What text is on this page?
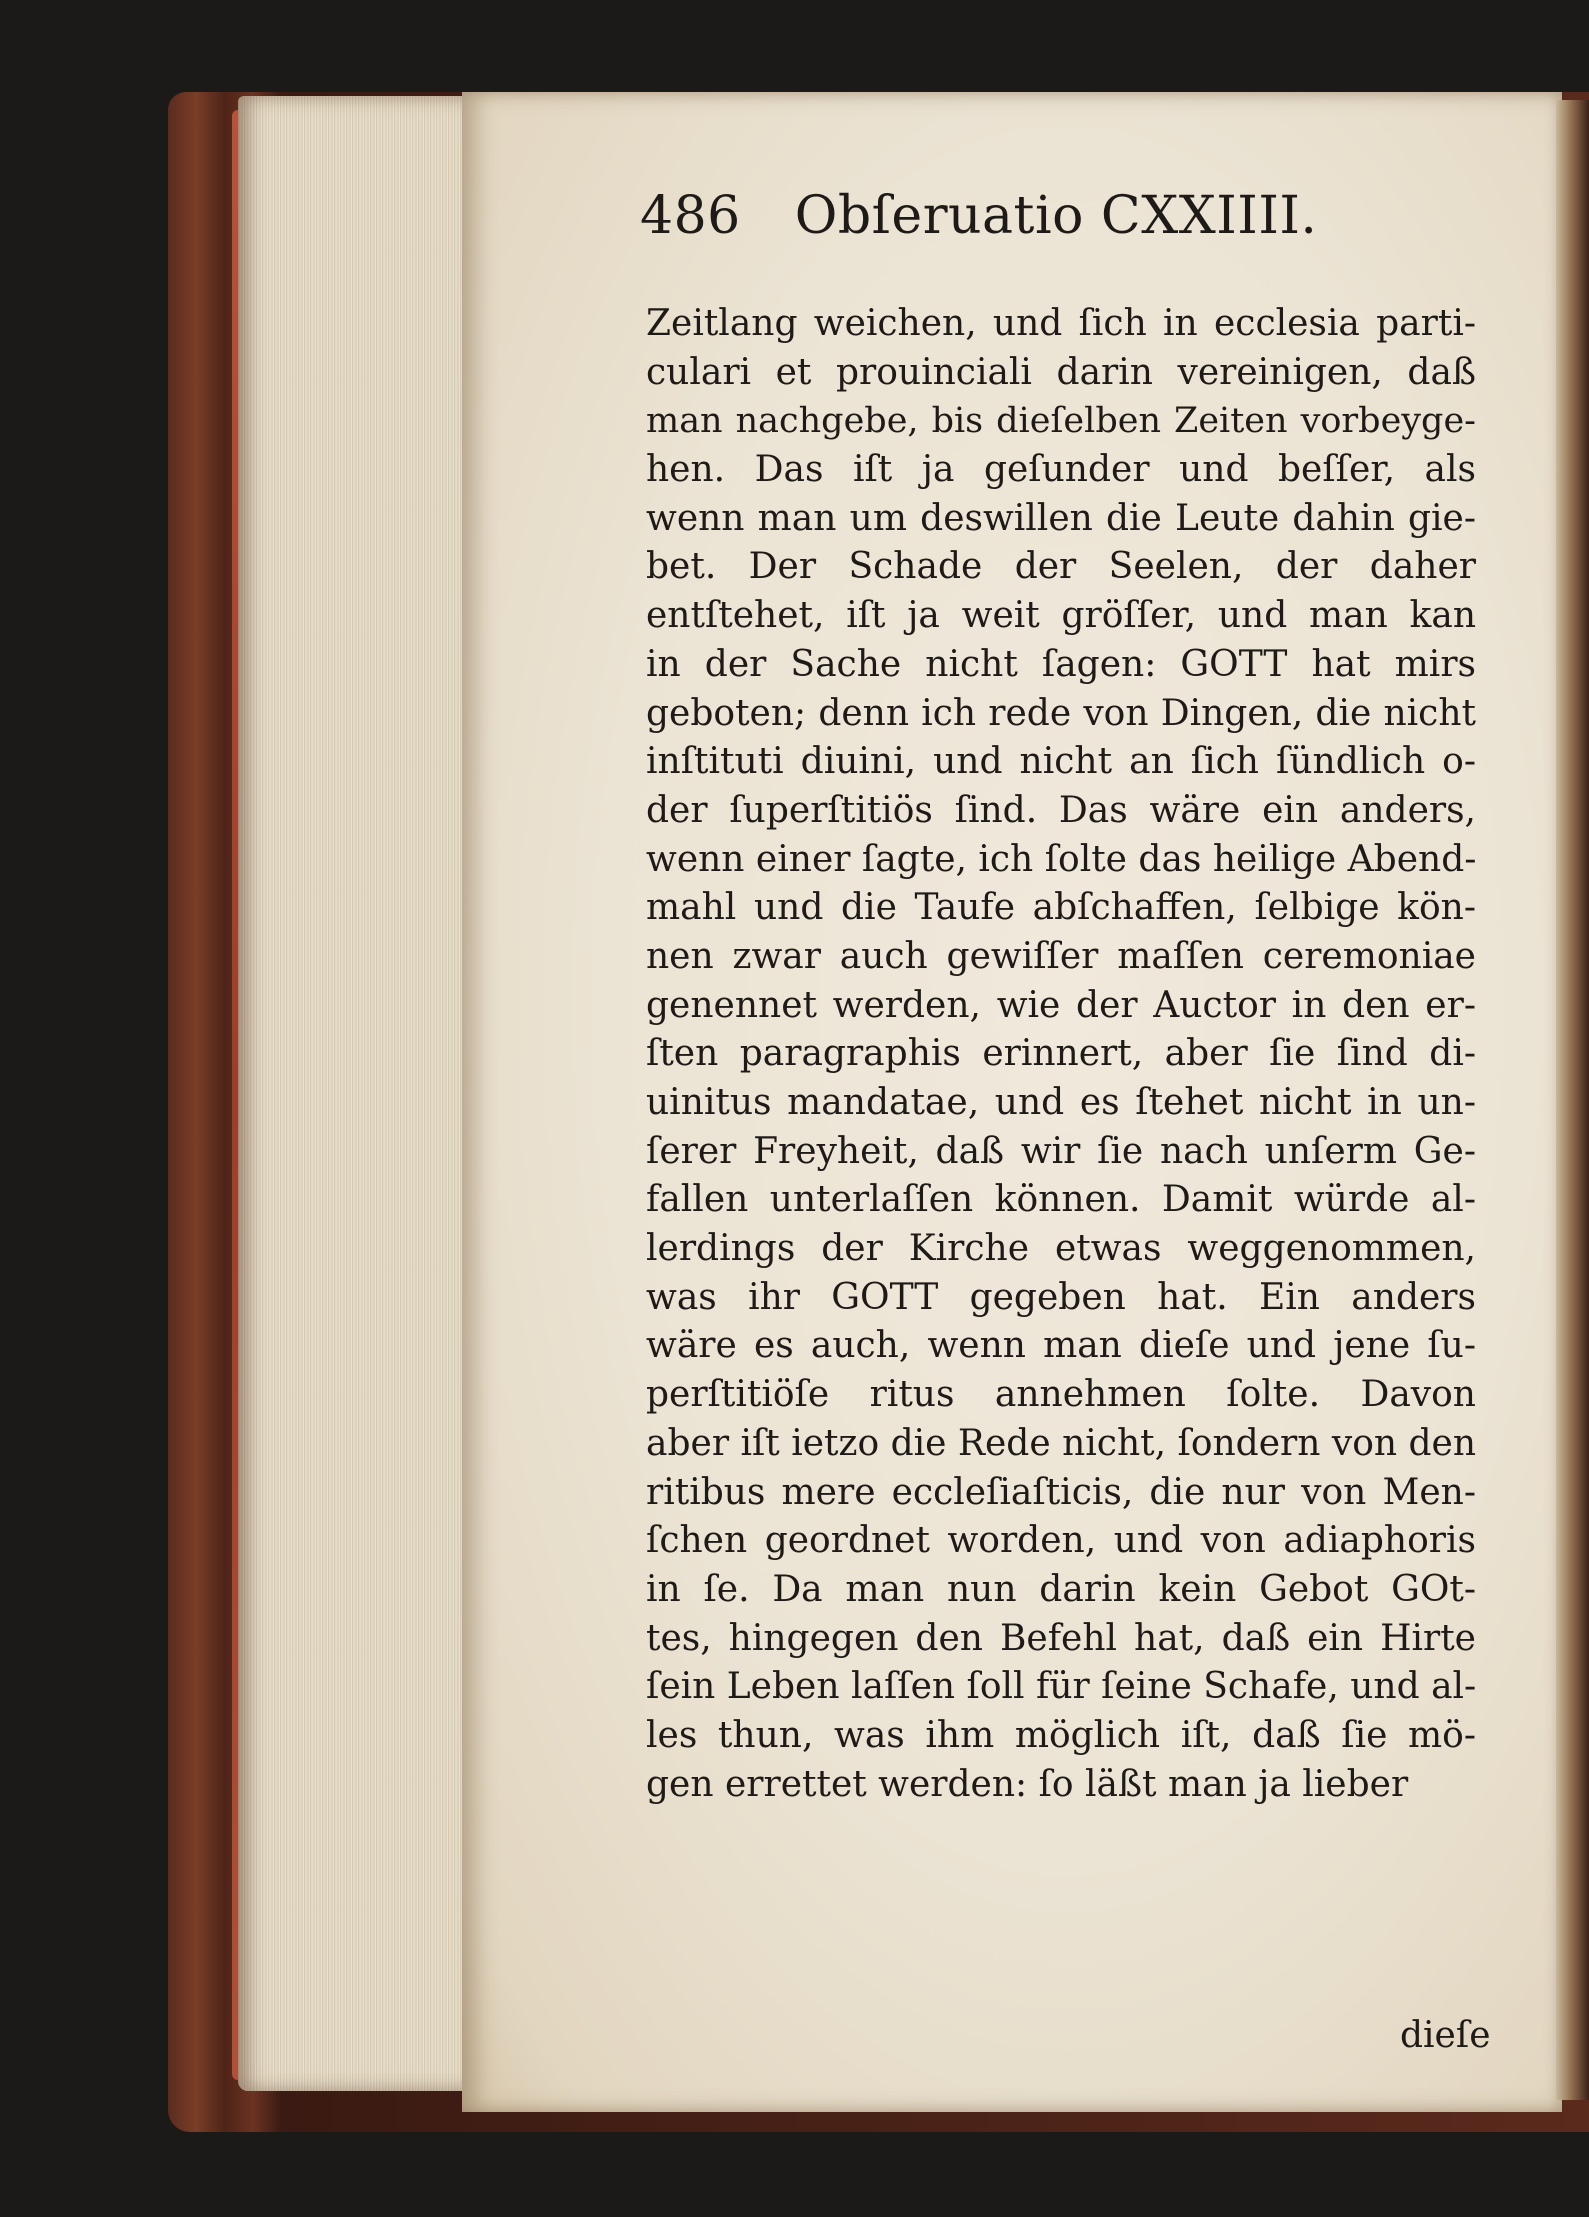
486 Obſeruatio CXXIIII.
Zeitlang weichen, und ſich in ecclesia parti-
culari et prouinciali darin vereinigen, daß
man nachgebe, bis dieſelben Zeiten vorbeyge-
hen. Das iſt ja geſunder und beſſer, als
wenn man um deswillen die Leute dahin gie-
bet. Der Schade der Seelen, der daher
entſtehet, iſt ja weit gröſſer, und man kan
in der Sache nicht ſagen: GOTT hat mirs
geboten; denn ich rede von Dingen, die nicht
inſtituti diuini, und nicht an ſich ſündlich o-
der ſuperſtitiös ſind. Das wäre ein anders,
wenn einer ſagte, ich ſolte das heilige Abend-
mahl und die Taufe abſchaffen, ſelbige kön-
nen zwar auch gewiſſer maſſen ceremoniae
genennet werden, wie der Auctor in den er-
ſten paragraphis erinnert, aber ſie ſind di-
uinitus mandatae, und es ſtehet nicht in un-
ſerer Freyheit, daß wir ſie nach unſerm Ge-
fallen unterlaſſen können. Damit würde al-
lerdings der Kirche etwas weggenommen,
was ihr GOTT gegeben hat. Ein anders
wäre es auch, wenn man dieſe und jene ſu-
perſtitiöſe ritus annehmen ſolte. Davon
aber iſt ietzo die Rede nicht, ſondern von den
ritibus mere eccleſiaſticis, die nur von Men-
ſchen geordnet worden, und von adiaphoris
in ſe. Da man nun darin kein Gebot GOt-
tes, hingegen den Befehl hat, daß ein Hirte
ſein Leben laſſen ſoll für ſeine Schafe, und al-
les thun, was ihm möglich iſt, daß ſie mö-
gen errettet werden: ſo läßt man ja lieber
dieſe
